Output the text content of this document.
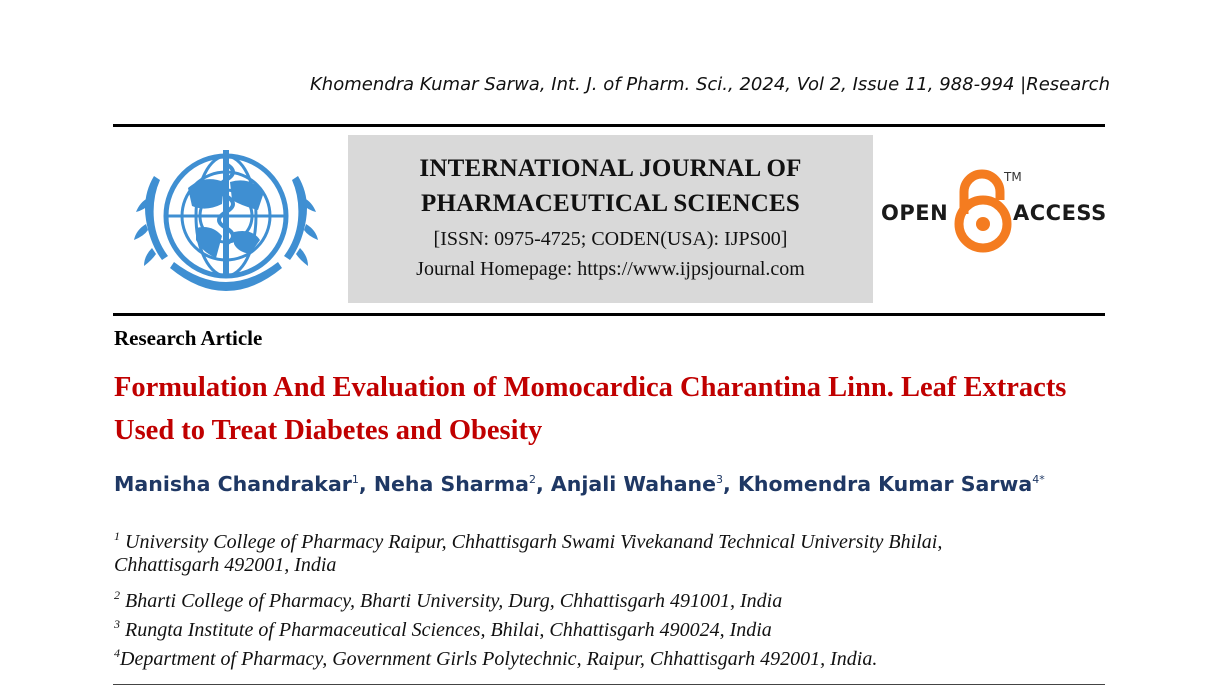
Khomendra Kumar Sarwa, Int. J. of Pharm. Sci., 2024, Vol 2, Issue 11, 988-994 |Research
INTERNATIONAL JOURNAL OF
PHARMACEUTICAL SCIENCES
[ISSN: 0975-4725; CODEN(USA): IJPS00]
Journal Homepage: https://www.ijpsjournal.com
OPEN	ACCESS
TM
Research Article
Formulation And Evaluation of Momocardica Charantina Linn. Leaf Extracts Used to Treat Diabetes and Obesity
Manisha Chandrakar$^1$, Neha Sharma$^2$, Anjali Wahane$^3$, Khomendra Kumar Sarwa$^{4*}$
$^1$ University College of Pharmacy Raipur, Chhattisgarh Swami Vivekanand Technical University Bhilai,
Chhattisgarh 492001, India
$^2$ Bharti College of Pharmacy, Bharti University, Durg, Chhattisgarh 491001, India
$^3$ Rungta Institute of Pharmaceutical Sciences, Bhilai, Chhattisgarh 490024, India
$^4$Department of Pharmacy, Government Girls Polytechnic, Raipur, Chhattisgarh 492001, India.
